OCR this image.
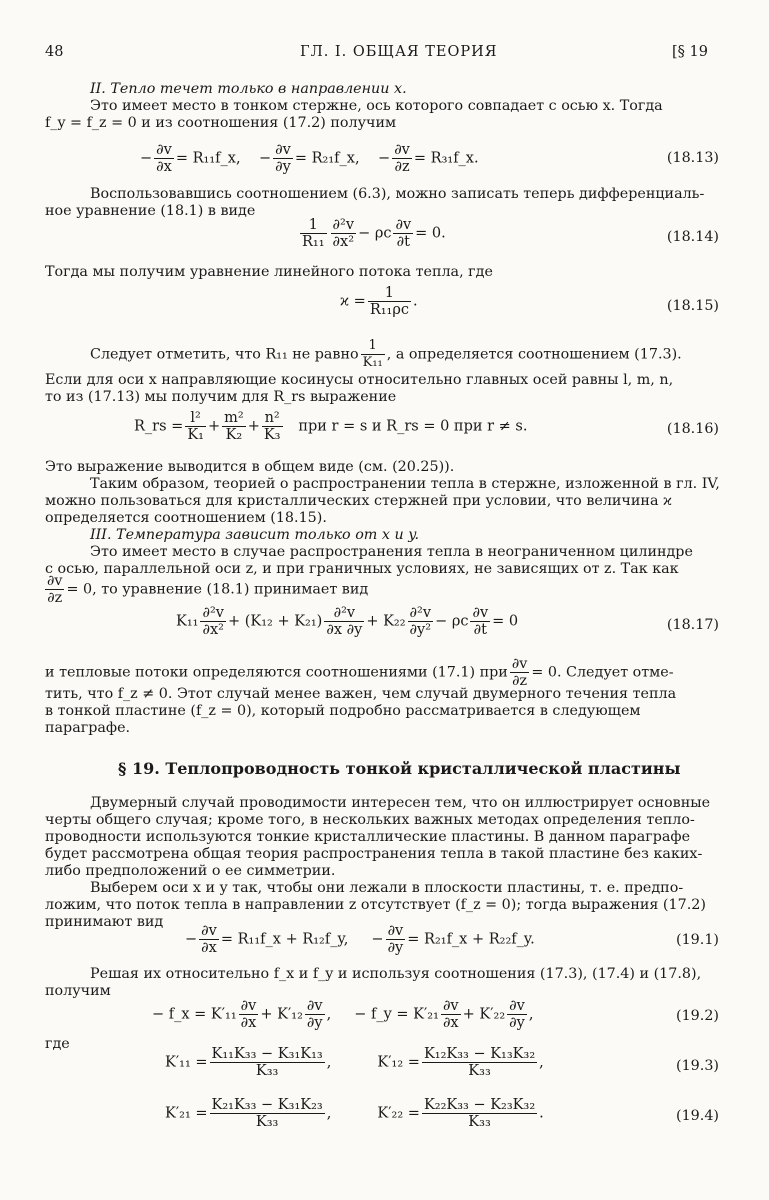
48	ГЛ. I. ОБЩАЯ ТЕОРИЯ	[§ 19
II. Тепло течет только в направлении x.
Это имеет место в тонком стержне, ось которого совпадает с осью x. Тогда
f_y = f_z = 0 и из соотношения (17.2) получим
− $\frac{\partial v}{\partial x}$ = R₁₁f_x, − $\frac{\partial v}{\partial y}$ = R₂₁f_x, − $\frac{\partial v}{\partial z}$ = R₃₁f_x.	(18.13)
Воспользовавшись соотношением (6.3), можно записать теперь дифференциаль-
ное уравнение (18.1) в виде
$\frac{1}{\text{R₁₁}} \frac{\text{∂²v}}{\text{∂x²}} - \rho c \frac{\partial v}{\partial t} = 0$.	(18.14)
Тогда мы получим уравнение линейного потока тепла, где
$ϰ = \frac{1}{\text{R₁₁ρc}}$ .	(18.15)
Следует отметить, что R₁₁ не равно $\frac{1}{\text{K₁₁}}$ , а определяется соотношением (17.3).
Если для оси x направляющие косинусы относительно главных осей равны l, m, n,
то из (17.13) мы получим для R_rs выражение
R_rs = $\frac{\text{l²}}{\text{K₁}} + \frac{\text{m²}}{\text{K₂}} + \frac{\text{n²}}{\text{K₃}}$ при r = s и R_rs = 0 при r ≠ s.	(18.16)
Это выражение выводится в общем виде (см. (20.25)).
Таким образом, теорией о распространении тепла в стержне, изложенной в гл. IV,
можно пользоваться для кристаллических стержней при условии, что величина ϰ
определяется соотношением (18.15).
III. Температура зависит только от x и y.
Это имеет место в случае распространения тепла в неограниченном цилиндре
с осью, параллельной оси z, и при граничных условиях, не зависящих от z. Так как
$\frac{\partial v}{\partial z} = 0$, то уравнение (18.1) принимает вид
$K_{11} \frac{\text{∂²v}}{\text{∂x²}} + (K_{12} + K_{21}) \frac{\text{∂²v}}{\partial x \partial y} + K_{22} \frac{\text{∂²v}}{\text{∂y²}} - \rho c \frac{\partial v}{\partial t} = 0$	(18.17)
и тепловые потоки определяются соотношениями (17.1) при $\frac{\partial v}{\partial z} = 0$. Следует отме-
тить, что f_z ≠ 0. Этот случай менее важен, чем случай двумерного течения тепла
в тонкой пластине (f_z = 0), который подробно рассматривается в следующем
параграфе.
§ 19. Теплопроводность тонкой кристаллической пластины
Двумерный случай проводимости интересен тем, что он иллюстрирует основные
черты общего случая; кроме того, в нескольких важных методах определения тепло-
проводности используются тонкие кристаллические пластины. В данном параграфе
будет рассмотрена общая теория распространения тепла в такой пластине без каких-
либо предположений о ее симметрии.
Выберем оси x и y так, чтобы они лежали в плоскости пластины, т. е. предпо-
ложим, что поток тепла в направлении z отсутствует (f_z = 0); тогда выражения (17.2)
принимают вид
− $\frac{\partial v}{\partial x}$ = R₁₁f_x + R₁₂f_y, − $\frac{\partial v}{\partial y}$ = R₂₁f_x + R₂₂f_y.	(19.1)
Решая их относительно f_x и f_y и используя соотношения (17.3), (17.4) и (17.8),
получим
− f_x = $K'_{11} \frac{\partial v}{\partial x} + K'_{12} \frac{\partial v}{\partial y}$ , − f_y = $K'_{21} \frac{\partial v}{\partial x} + K'_{22} \frac{\partial v}{\partial y}$ ,	(19.2)
где
$K'_{11} = \frac{\text{K₁₁K₃₃ − K₃₁K₁₃}}{\text{K₃₃}}$ ,	$K'_{12} = \frac{\text{K₁₂K₃₃ − K₁₃K₃₂}}{\text{K₃₃}}$ ,	(19.3)
$K'_{21} = \frac{\text{K₂₁K₃₃ − K₃₁K₂₃}}{\text{K₃₃}}$ ,	$K'_{22} = \frac{\text{K₂₂K₃₃ − K₂₃K₃₂}}{\text{K₃₃}}$ .	(19.4)
